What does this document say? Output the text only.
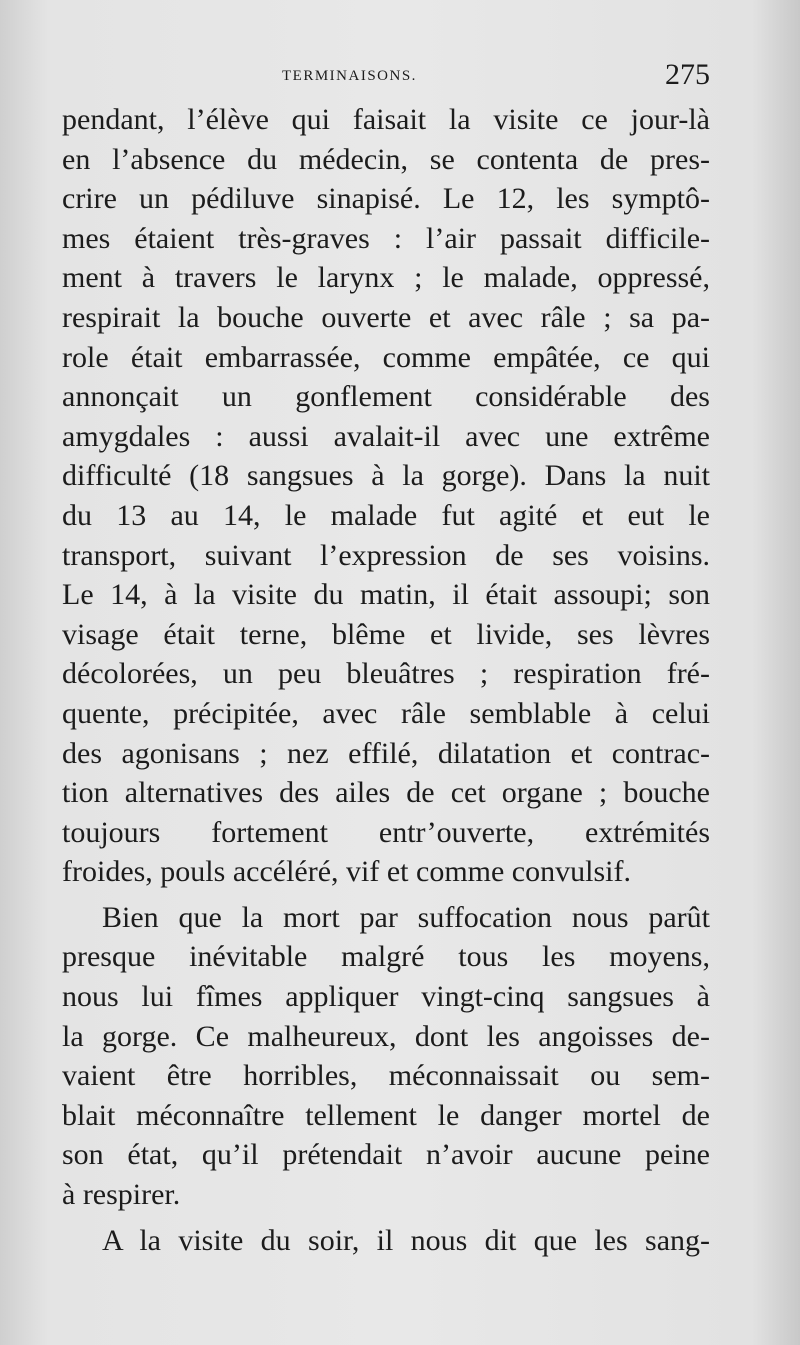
TERMINAISONS.	275
pendant, l’élève qui faisait la visite ce jour-là
en l’absence du médecin, se contenta de pres-
crire un pédiluve sinapisé. Le 12, les symptô-
mes étaient très-graves : l’air passait difficile-
ment à travers le larynx ; le malade, oppressé,
respirait la bouche ouverte et avec râle ; sa pa-
role était embarrassée, comme empâtée, ce qui
annonçait un gonflement considérable des
amygdales : aussi avalait-il avec une extrême
difficulté (18 sangsues à la gorge). Dans la nuit
du 13 au 14, le malade fut agité et eut le
transport, suivant l’expression de ses voisins.
Le 14, à la visite du matin, il était assoupi; son
visage était terne, blême et livide, ses lèvres
décolorées, un peu bleuâtres ; respiration fré-
quente, précipitée, avec râle semblable à celui
des agonisans ; nez effilé, dilatation et contrac-
tion alternatives des ailes de cet organe ; bouche
toujours fortement entr’ouverte, extrémités
froides, pouls accéléré, vif et comme convulsif.
Bien que la mort par suffocation nous parût
presque inévitable malgré tous les moyens,
nous lui fîmes appliquer vingt-cinq sangsues à
la gorge. Ce malheureux, dont les angoisses de-
vaient être horribles, méconnaissait ou sem-
blait méconnaître tellement le danger mortel de
son état, qu’il prétendait n’avoir aucune peine
à respirer.
A la visite du soir, il nous dit que les sang-
